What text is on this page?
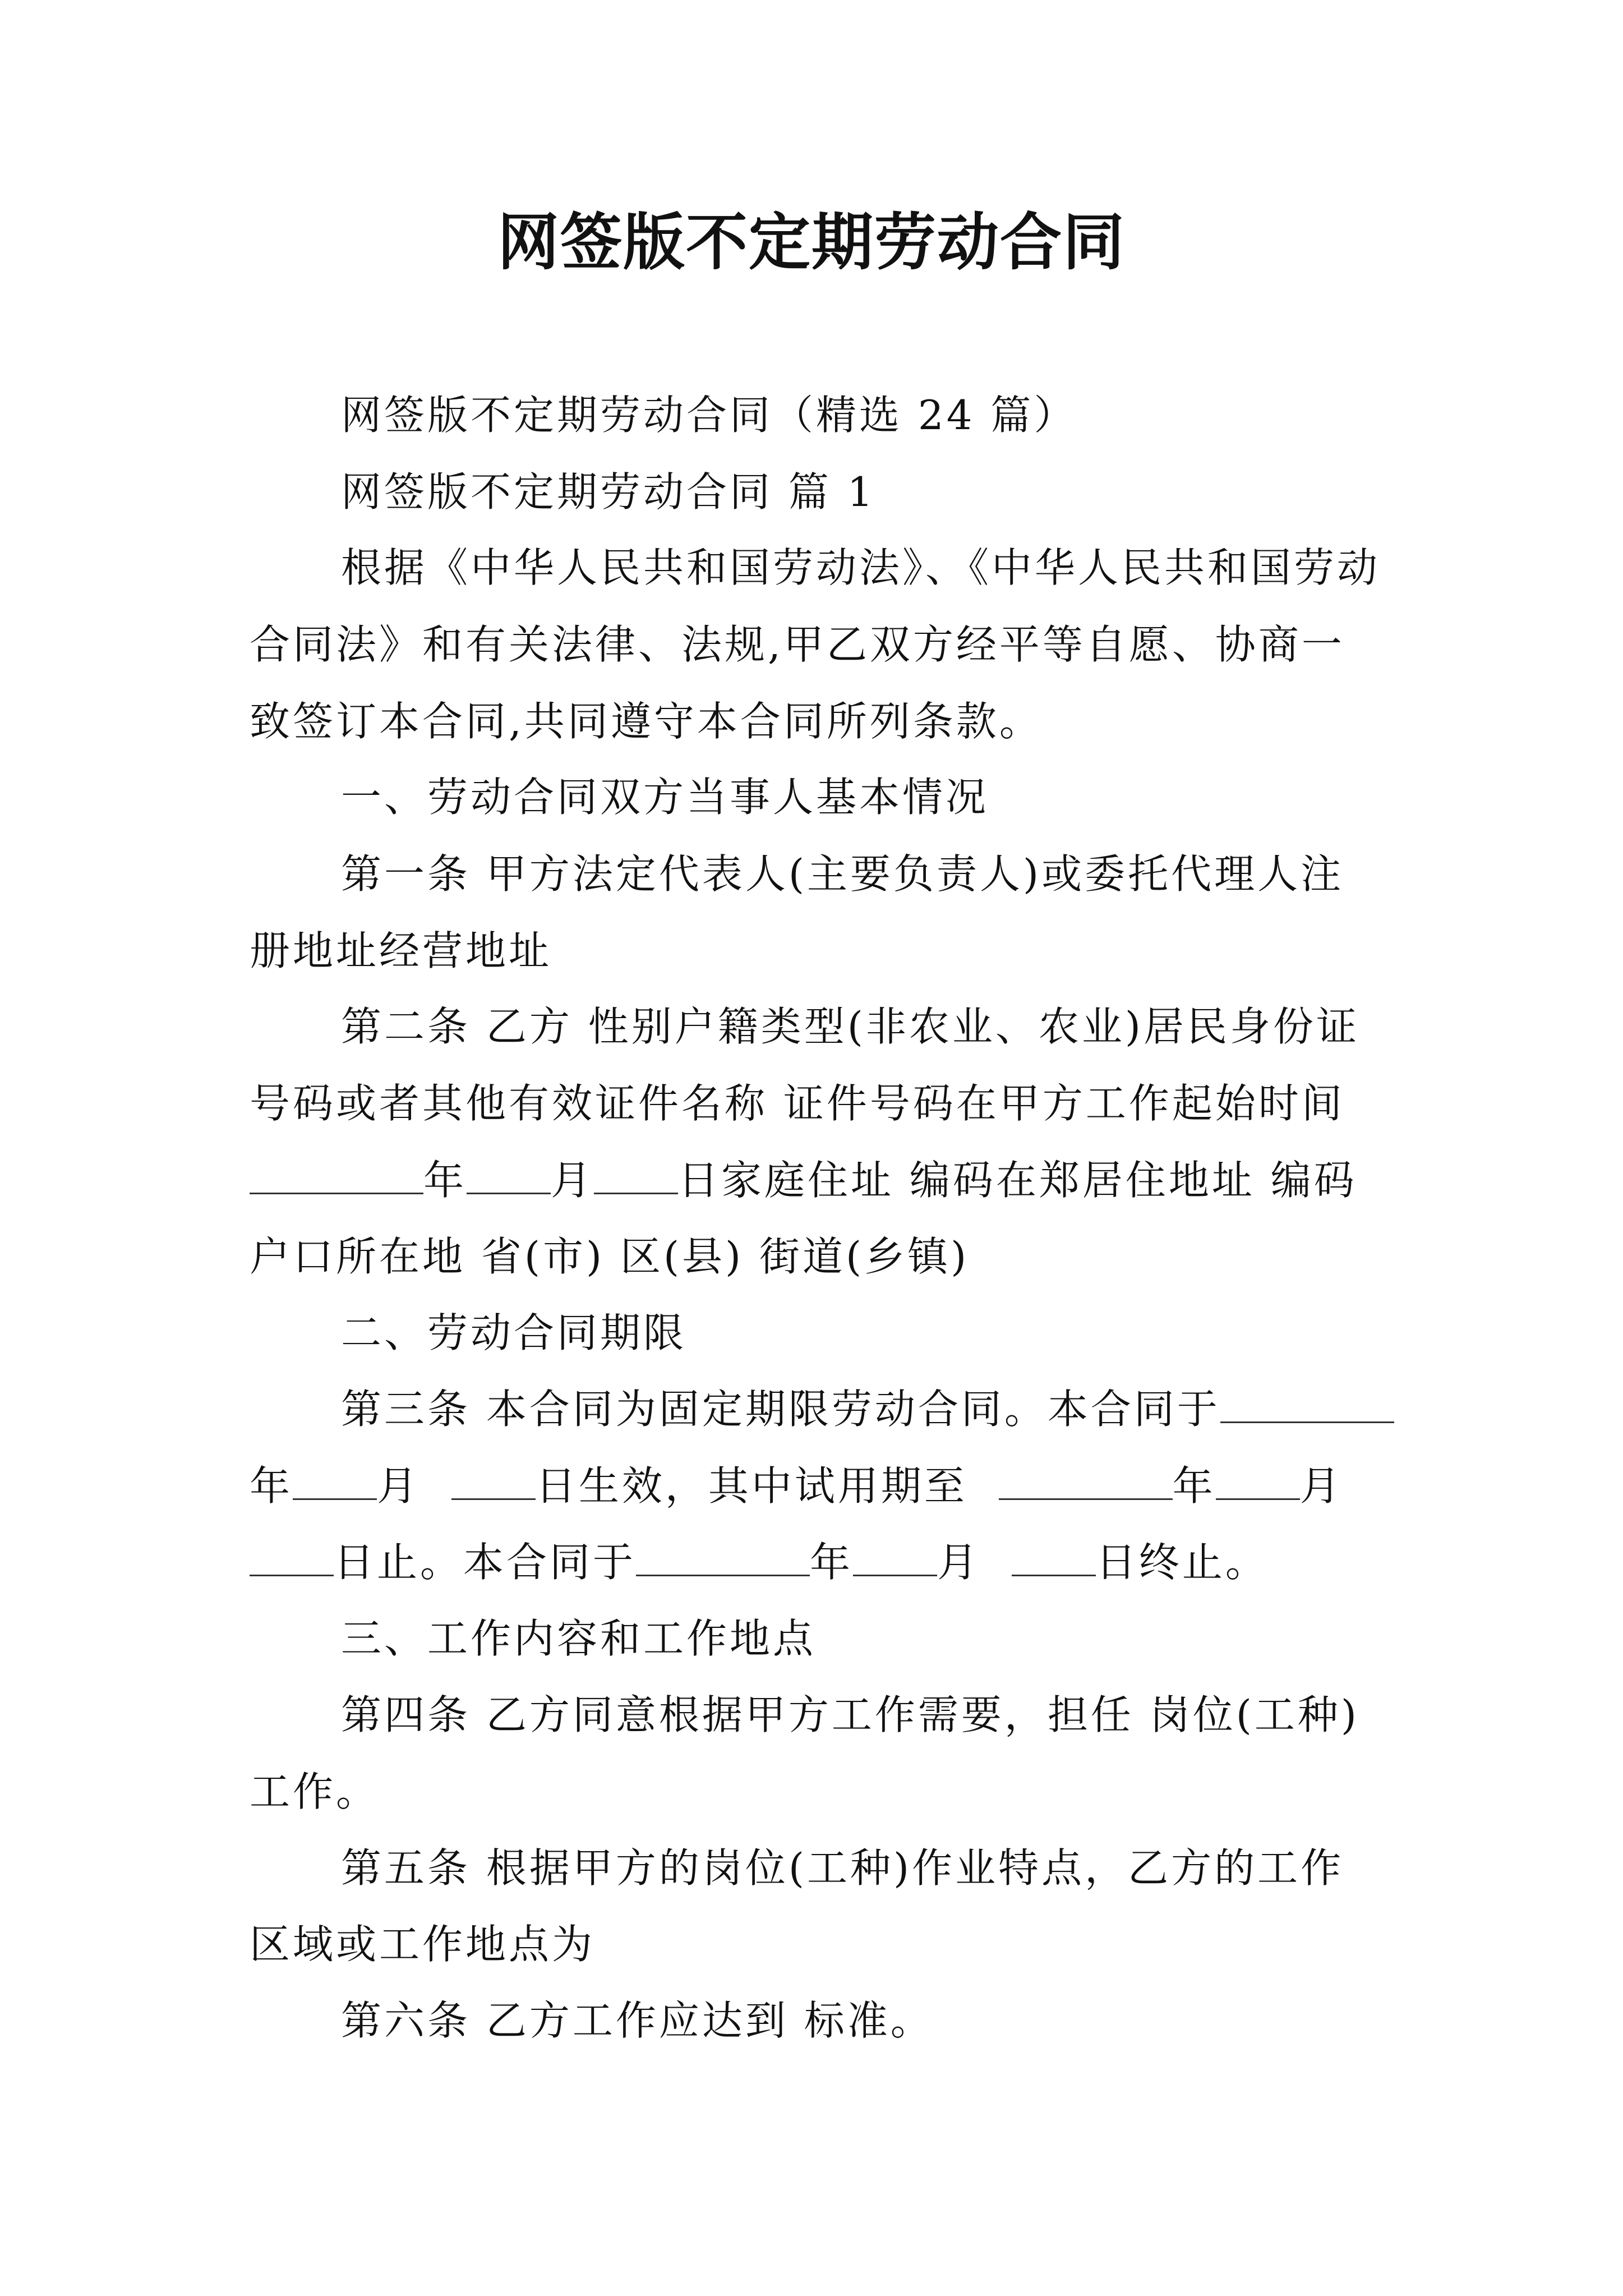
网签版不定期劳动合同
网签版不定期劳动合同（精选 24 篇）
网签版不定期劳动合同 篇 1
根据《中华人民共和国劳动法》、《中华人民共和国劳动
合同法》和有关法律、法规,甲乙双方经平等自愿、协商一
致签订本合同,共同遵守本合同所列条款。
一、劳动合同双方当事人基本情况
第一条 甲方法定代表人(主要负责人)或委托代理人注
册地址经营地址
第二条 乙方 性别户籍类型(非农业、农业)居民身份证
号码或者其他有效证件名称 证件号码在甲方工作起始时间
年 月 日家庭住址 编码在郑居住地址 编码
户口所在地 省(市) 区(县) 街道(乡镇)
二、劳动合同期限
第三条 本合同为固定期限劳动合同。本合同于
年 月	日生效，其中试用期至	年 月
日止。本合同于	年 月	日终止。
三、工作内容和工作地点
第四条 乙方同意根据甲方工作需要，担任 岗位(工种)
工作。
第五条 根据甲方的岗位(工种)作业特点，乙方的工作
区域或工作地点为
第六条 乙方工作应达到 标准。
